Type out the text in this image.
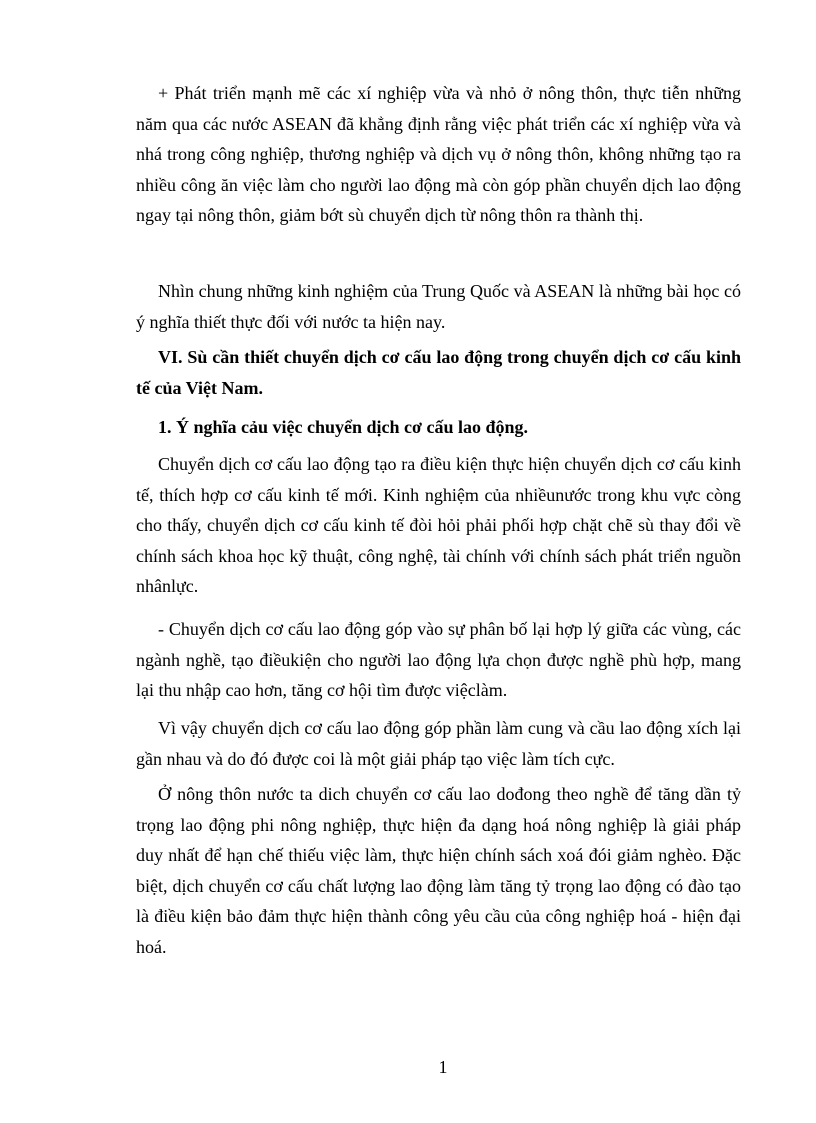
+ Phát triển mạnh mẽ các xí nghiệp vừa và nhỏ ở nông thôn, thực tiễn những năm qua các nước ASEAN đã khẳng định rằng việc phát triển các xí nghiệp vừa và nhá trong công nghiệp, thương nghiệp và dịch vụ ở nông thôn, không những tạo ra nhiều công ăn việc làm cho người lao động mà còn góp phần chuyển dịch lao động ngay tại nông thôn, giảm bớt sù chuyển dịch từ nông thôn ra thành thị.

Nhìn chung những kinh nghiệm của Trung Quốc và ASEAN là những bài học có ý nghĩa thiết thực đối với nước ta hiện nay.

VI. Sù cần thiết chuyển dịch cơ cấu lao động trong chuyển dịch cơ cấu kinh tế của Việt Nam.

1. Ý nghĩa cảu việc chuyển dịch cơ cấu lao động.

Chuyển dịch cơ cấu lao động tạo ra điều kiện thực hiện chuyển dịch cơ cấu kinh tế, thích hợp cơ cấu kinh tế mới. Kinh nghiệm của nhiềunước trong khu vực còng cho thấy, chuyển dịch cơ cấu kinh tế đòi hỏi phải phối hợp chặt chẽ sù thay đổi về chính sách khoa học kỹ thuật, công nghệ, tài chính với chính sách phát triển nguồn nhânlực.

- Chuyển dịch cơ cấu lao động góp vào sự phân bố lại hợp lý giữa các vùng, các ngành nghề, tạo điềukiện cho người lao động lựa chọn được nghề phù hợp, mang lại thu nhập cao hơn, tăng cơ hội tìm được việclàm.

Vì vậy chuyển dịch cơ cấu lao động góp phần làm cung và cầu lao động xích lại gần nhau và do đó được coi là một giải pháp tạo việc làm tích cực.

Ở nông thôn nước ta dich chuyển cơ cấu lao dođong theo nghề để tăng dần tỷ trọng lao động phi nông nghiệp, thực hiện đa dạng hoá nông nghiệp là giải pháp duy nhất để hạn chế thiếu việc làm, thực hiện chính sách xoá đói giảm nghèo. Đặc biệt, dịch chuyển cơ cấu chất lượng lao động làm tăng tỷ trọng lao động có đào tạo là điều kiện bảo đảm thực hiện thành công yêu cầu của công nghiệp hoá - hiện đại hoá.

1
